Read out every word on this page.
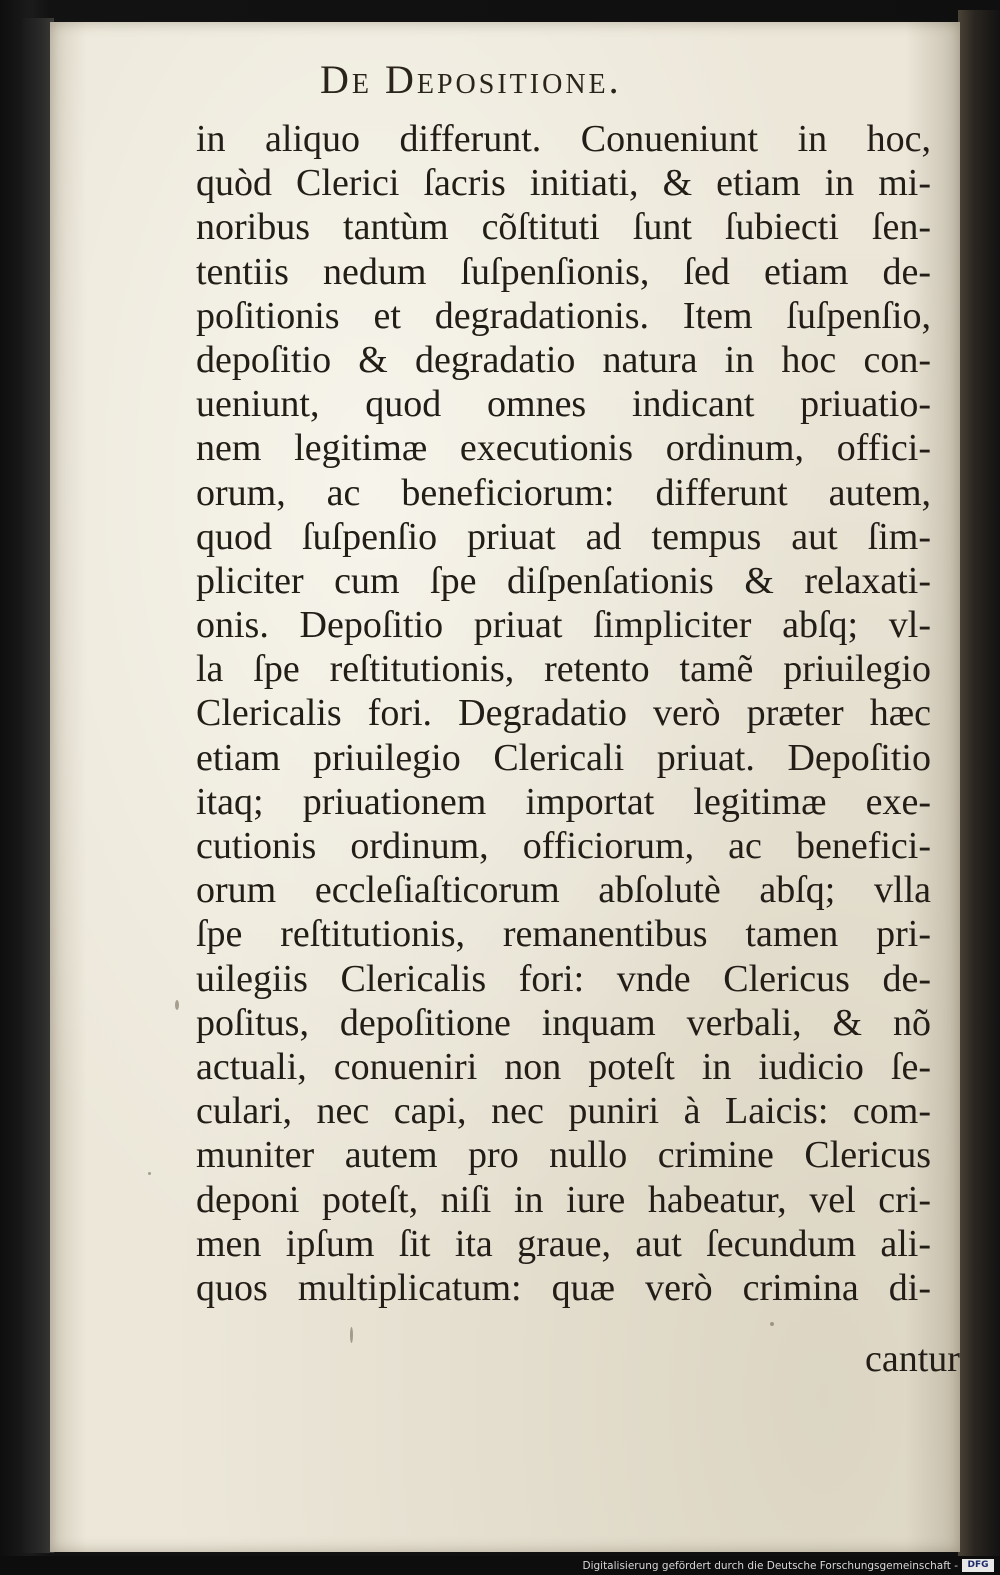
De Depositione.
in aliquo differunt. Conueniunt in hoc,
quòd Clerici ſacris initiati, & etiam in mi-
noribus tantùm cõſtituti ſunt ſubiecti ſen-
tentiis nedum ſuſpenſionis, ſed etiam de-
poſitionis et degradationis. Item ſuſpenſio,
depoſitio & degradatio natura in hoc con-
ueniunt, quod omnes indicant priuatio-
nem legitimæ executionis ordinum, offici-
orum, ac beneficiorum: differunt autem,
quod ſuſpenſio priuat ad tempus aut ſim-
pliciter cum ſpe diſpenſationis & relaxati-
onis. Depoſitio priuat ſimpliciter abſq; vl-
la ſpe reſtitutionis, retento tamẽ priuilegio
Clericalis fori. Degradatio verò præter hæc
etiam priuilegio Clericali priuat. Depoſitio
itaq; priuationem importat legitimæ exe-
cutionis ordinum, officiorum, ac benefici-
orum eccleſiaſticorum abſolutè abſq; vlla
ſpe reſtitutionis, remanentibus tamen pri-
uilegiis Clericalis fori: vnde Clericus de-
poſitus, depoſitione inquam verbali, & nõ
actuali, conueniri non poteſt in iudicio ſe-
culari, nec capi, nec puniri à Laicis: com-
muniter autem pro nullo crimine Clericus
deponi poteſt, niſi in iure habeatur, vel cri-
men ipſum ſit ita graue, aut ſecundum ali-
quos multiplicatum: quæ verò crimina di-
cantur
Digitalisierung gefördert durch die Deutsche Forschungsgemeinschaft -	DFG
